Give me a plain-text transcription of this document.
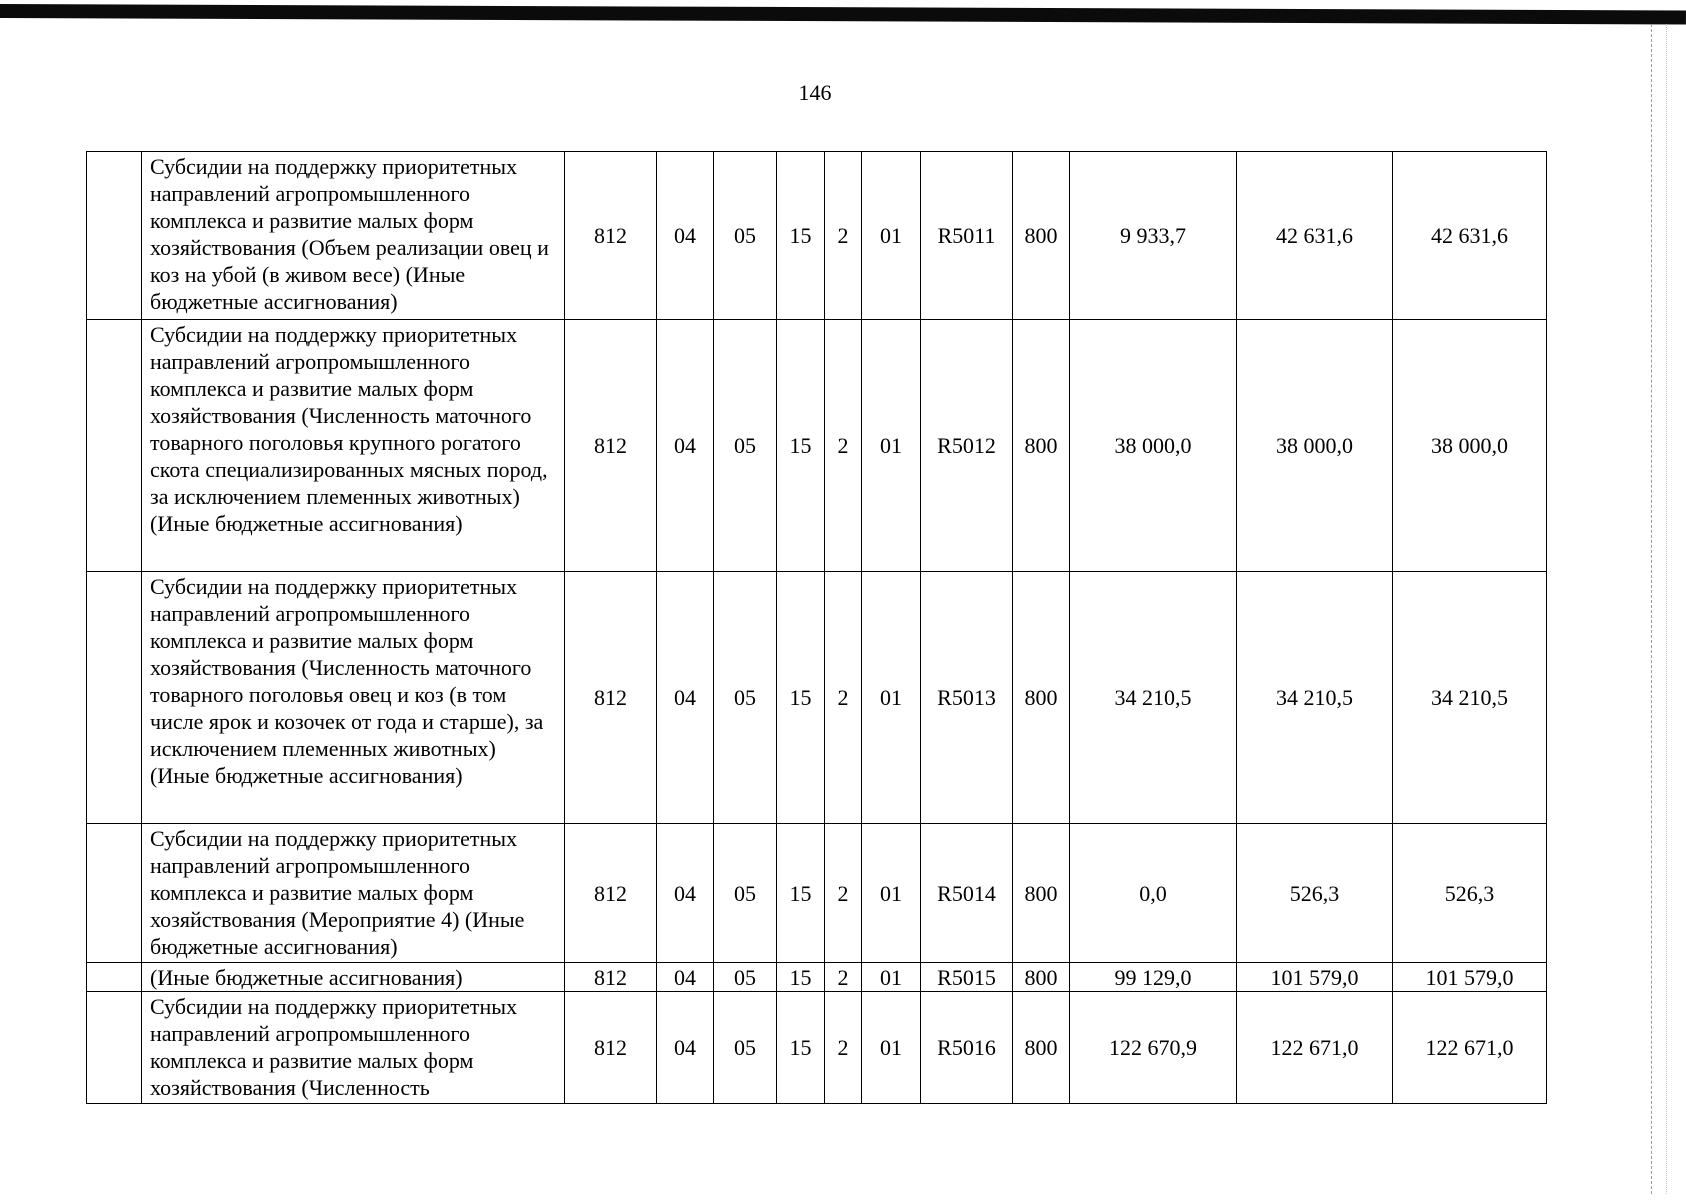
146
	Субсидии на поддержку приоритетных направлений агропромышленного комплекса и развитие малых форм хозяйствования (Объем реализации овец и коз на убой (в живом весе) (Иные бюджетные ассигнования)	812	04	05	15	2	01	R5011	800	9 933,7	42 631,6	42 631,6
	Субсидии на поддержку приоритетных направлений агропромышленного комплекса и развитие малых форм хозяйствования (Численность маточного товарного поголовья крупного рогатого скота специализированных мясных пород, за исключением племенных животных) (Иные бюджетные ассигнования)	812	04	05	15	2	01	R5012	800	38 000,0	38 000,0	38 000,0
	Субсидии на поддержку приоритетных направлений агропромышленного комплекса и развитие малых форм хозяйствования (Численность маточного товарного поголовья овец и коз (в том числе ярок и козочек от года и старше), за исключением племенных животных) (Иные бюджетные ассигнования)	812	04	05	15	2	01	R5013	800	34 210,5	34 210,5	34 210,5
	Субсидии на поддержку приоритетных направлений агропромышленного комплекса и развитие малых форм хозяйствования (Мероприятие 4) (Иные бюджетные ассигнования)	812	04	05	15	2	01	R5014	800	0,0	526,3	526,3
	(Иные бюджетные ассигнования)	812	04	05	15	2	01	R5015	800	99 129,0	101 579,0	101 579,0
	Субсидии на поддержку приоритетных направлений агропромышленного комплекса и развитие малых форм хозяйствования (Численность	812	04	05	15	2	01	R5016	800	122 670,9	122 671,0	122 671,0
